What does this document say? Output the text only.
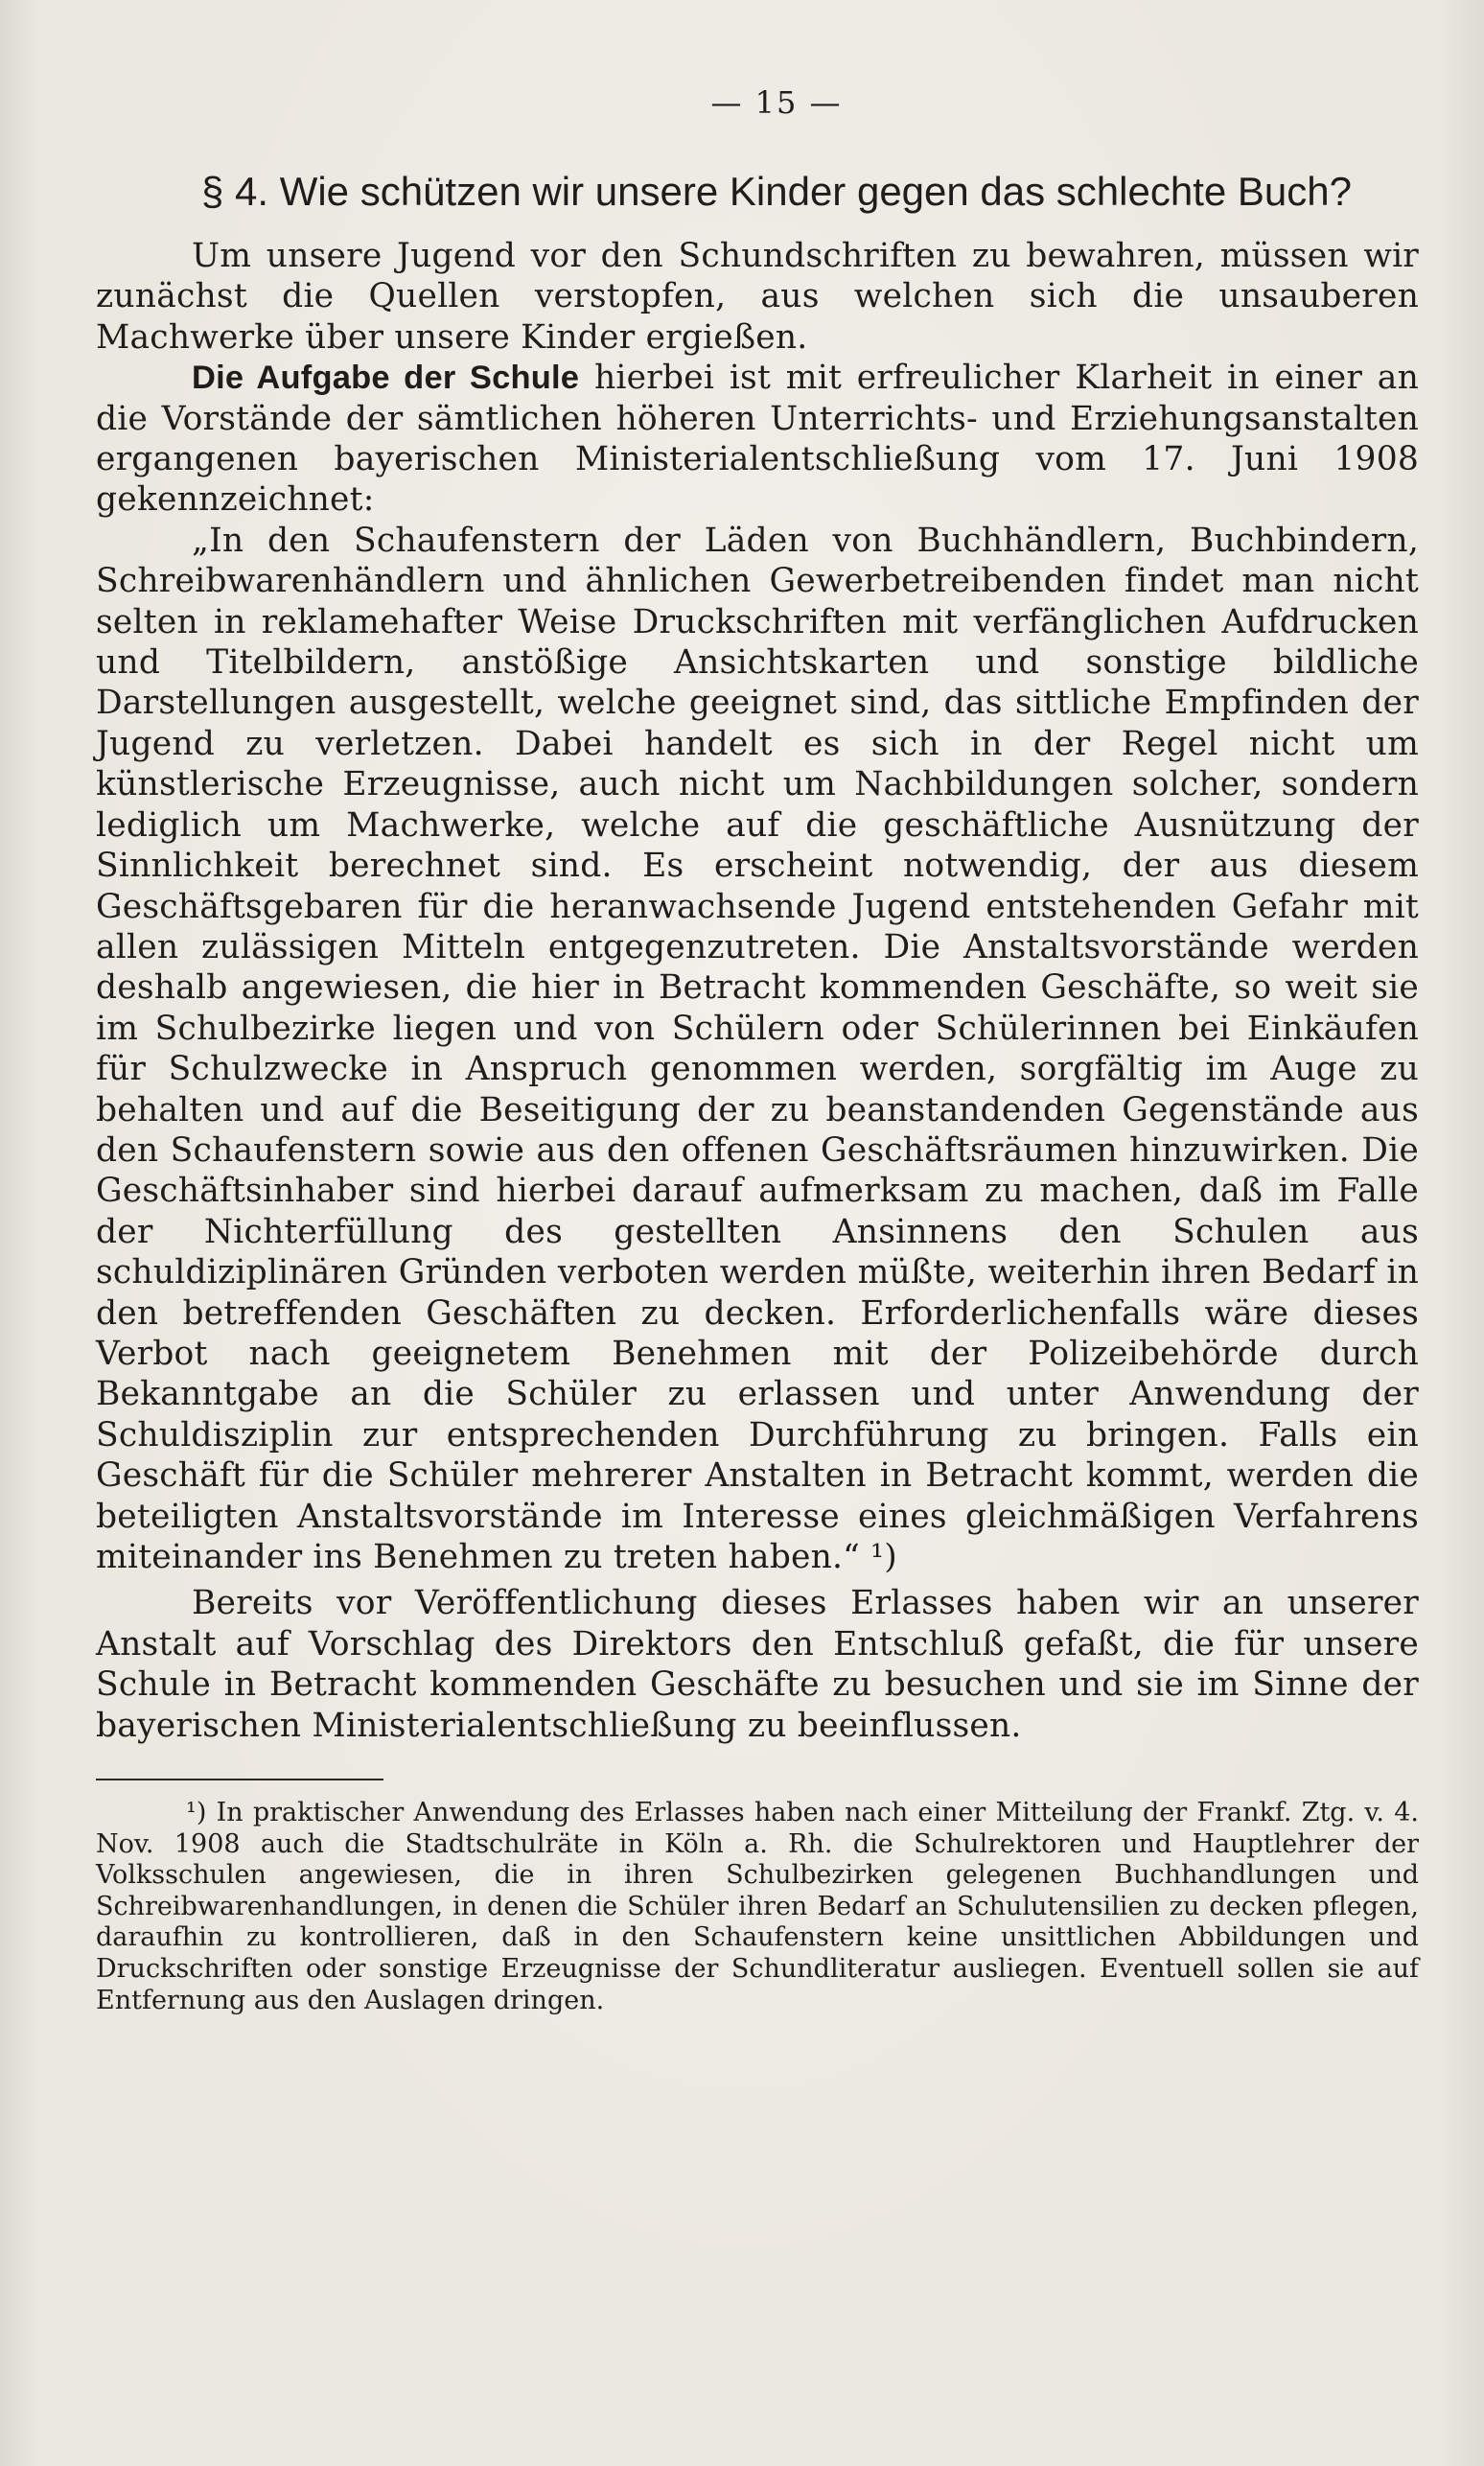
— 15 —
§ 4. Wie schützen wir unsere Kinder gegen das schlechte Buch?

Um unsere Jugend vor den Schundschriften zu bewahren, müssen wir zunächst die Quellen verstopfen, aus welchen sich die unsauberen Machwerke über unsere Kinder ergießen.

Die Aufgabe der Schule hierbei ist mit erfreulicher Klarheit in einer an die Vorstände der sämtlichen höheren Unterrichts- und Erziehungsanstalten ergangenen bayerischen Ministerialentschließung vom 17. Juni 1908 gekennzeichnet:

„In den Schaufenstern der Läden von Buchhändlern, Buchbindern, Schreibwarenhändlern und ähnlichen Gewerbetreibenden findet man nicht selten in reklamehafter Weise Druckschriften mit verfänglichen Aufdrucken und Titelbildern, anstößige Ansichtskarten und sonstige bildliche Darstellungen ausgestellt, welche geeignet sind, das sittliche Empfinden der Jugend zu verletzen. Dabei handelt es sich in der Regel nicht um künstlerische Erzeugnisse, auch nicht um Nachbildungen solcher, sondern lediglich um Machwerke, welche auf die geschäftliche Ausnützung der Sinnlichkeit berechnet sind. Es erscheint notwendig, der aus diesem Geschäftsgebaren für die heranwachsende Jugend entstehenden Gefahr mit allen zulässigen Mitteln entgegenzutreten. Die Anstaltsvorstände werden deshalb angewiesen, die hier in Betracht kommenden Geschäfte, so weit sie im Schulbezirke liegen und von Schülern oder Schülerinnen bei Einkäufen für Schulzwecke in Anspruch genommen werden, sorgfältig im Auge zu behalten und auf die Beseitigung der zu beanstandenden Gegenstände aus den Schaufenstern sowie aus den offenen Geschäftsräumen hinzuwirken. Die Geschäftsinhaber sind hierbei darauf aufmerksam zu machen, daß im Falle der Nichterfüllung des gestellten Ansinnens den Schulen aus schuldiziplinären Gründen verboten werden müßte, weiterhin ihren Bedarf in den betreffenden Geschäften zu decken. Erforderlichenfalls wäre dieses Verbot nach geeignetem Benehmen mit der Polizeibehörde durch Bekanntgabe an die Schüler zu erlassen und unter Anwendung der Schuldisziplin zur entsprechenden Durchführung zu bringen. Falls ein Geschäft für die Schüler mehrerer Anstalten in Betracht kommt, werden die beteiligten Anstaltsvorstände im Interesse eines gleichmäßigen Verfahrens miteinander ins Benehmen zu treten haben.“ ¹)

Bereits vor Veröffentlichung dieses Erlasses haben wir an unserer Anstalt auf Vorschlag des Direktors den Entschluß gefaßt, die für unsere Schule in Betracht kommenden Geschäfte zu besuchen und sie im Sinne der bayerischen Ministerialentschließung zu beeinflussen.

¹) In praktischer Anwendung des Erlasses haben nach einer Mitteilung der Frankf. Ztg. v. 4. Nov. 1908 auch die Stadtschulräte in Köln a. Rh. die Schulrektoren und Hauptlehrer der Volksschulen angewiesen, die in ihren Schulbezirken gelegenen Buchhandlungen und Schreibwarenhandlungen, in denen die Schüler ihren Bedarf an Schulutensilien zu decken pflegen, daraufhin zu kontrollieren, daß in den Schaufenstern keine unsittlichen Abbildungen und Druckschriften oder sonstige Erzeugnisse der Schundliteratur ausliegen. Eventuell sollen sie auf Entfernung aus den Auslagen dringen.
